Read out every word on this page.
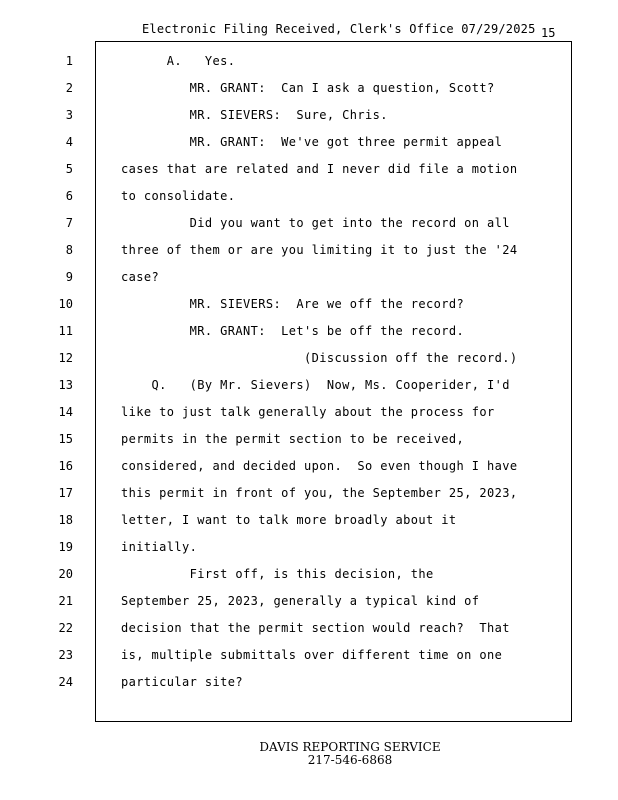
Electronic Filing Received, Clerk's Office 07/29/2025 15
1
2
3
4
5
6
7
8
9
10
11
12
13
14
15
16
17
18
19
20
21
22
23
24
A.   Yes.
MR. GRANT:  Can I ask a question, Scott?
MR. SIEVERS:  Sure, Chris.
MR. GRANT:  We've got three permit appeal
cases that are related and I never did file a motion
to consolidate.
Did you want to get into the record on all
three of them or are you limiting it to just the '24
case?
MR. SIEVERS:  Are we off the record?
MR. GRANT:  Let's be off the record.
(Discussion off the record.)
Q.   (By Mr. Sievers)  Now, Ms. Cooperider, I'd
like to just talk generally about the process for
permits in the permit section to be received,
considered, and decided upon.  So even though I have
this permit in front of you, the September 25, 2023,
letter, I want to talk more broadly about it
initially.
First off, is this decision, the
September 25, 2023, generally a typical kind of
decision that the permit section would reach?  That
is, multiple submittals over different time on one
particular site?
DAVIS REPORTING SERVICE
217-546-6868
